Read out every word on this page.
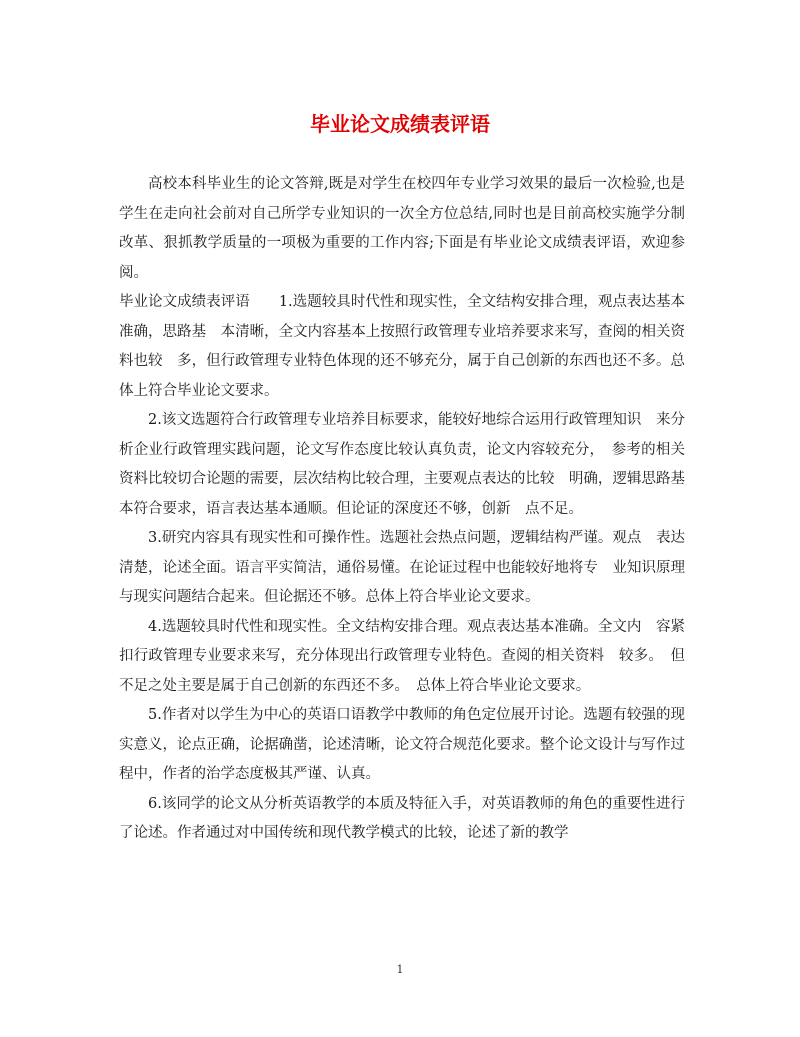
毕业论文成绩表评语

高校本科毕业生的论文答辩,既是对学生在校四年专业学习效果的最后一次检验,也是学生在走向社会前对自己所学专业知识的一次全方位总结,同时也是目前高校实施学分制改革、狠抓教学质量的一项极为重要的工作内容;下面是有毕业论文成绩表评语，欢迎参阅。

毕业论文成绩表评语　　1.选题较具时代性和现实性，全文结构安排合理，观点表达基本准确，思路基　本清晰，全文内容基本上按照行政管理专业培养要求来写，查阅的相关资料也较　多，但行政管理专业特色体现的还不够充分，属于自己创新的东西也还不多。总　体上符合毕业论文要求。

2.该文选题符合行政管理专业培养目标要求，能较好地综合运用行政管理知识　来分析企业行政管理实践问题，论文写作态度比较认真负责，论文内容较充分，　参考的相关资料比较切合论题的需要，层次结构比较合理，主要观点表达的比较　明确，逻辑思路基本符合要求，语言表达基本通顺。但论证的深度还不够，创新　点不足。

3.研究内容具有现实性和可操作性。选题社会热点问题，逻辑结构严谨。观点　表达清楚，论述全面。语言平实简洁，通俗易懂。在论证过程中也能较好地将专　业知识原理与现实问题结合起来。但论据还不够。总体上符合毕业论文要求。

4.选题较具时代性和现实性。全文结构安排合理。观点表达基本准确。全文内　容紧扣行政管理专业要求来写，充分体现出行政管理专业特色。查阅的相关资料　较多。　但不足之处主要是属于自己创新的东西还不多。　总体上符合毕业论文要求。

5.作者对以学生为中心的英语口语教学中教师的角色定位展开讨论。选题有较强的现实意义，论点正确，论据确凿，论述清晰，论文符合规范化要求。整个论文设计与写作过程中，作者的治学态度极其严谨、认真。

6.该同学的论文从分析英语教学的本质及特征入手，对英语教师的角色的重要性进行了论述。作者通过对中国传统和现代教学模式的比较，论述了新的教学

1
